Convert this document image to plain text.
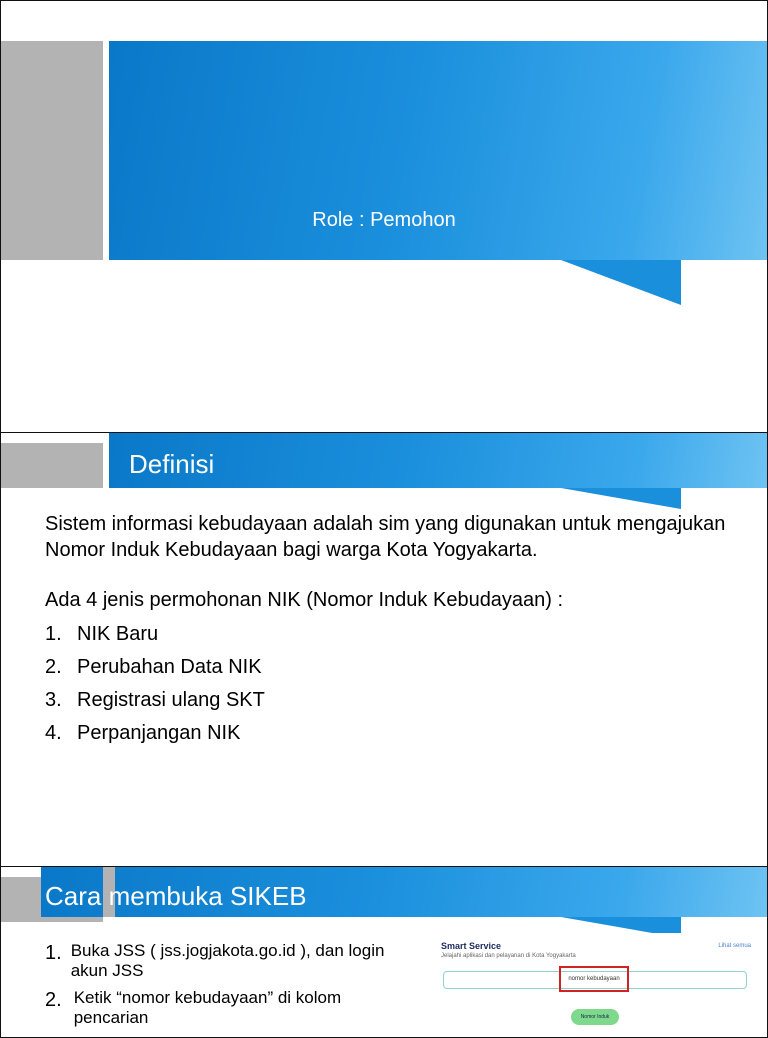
Role : Pemohon
Definisi

Sistem informasi kebudayaan adalah sim yang digunakan untuk mengajukan Nomor Induk Kebudayaan bagi warga Kota Yogyakarta.

Ada 4 jenis permohonan NIK (Nomor Induk Kebudayaan) :

1. NIK Baru
2. Perubahan Data NIK
3. Registrasi ulang SKT
4. Perpanjangan NIK
Cara membuka SIKEB
1. Buka JSS ( jss.jogjakota.go.id ), dan login akun JSS
2. Ketik “nomor kebudayaan” di kolom pencarian
Smart Service
Jelajahi aplikasi dan pelayanan di Kota Yogyakarta
Lihat semua
nomor kebudayaan
Nomor Induk
